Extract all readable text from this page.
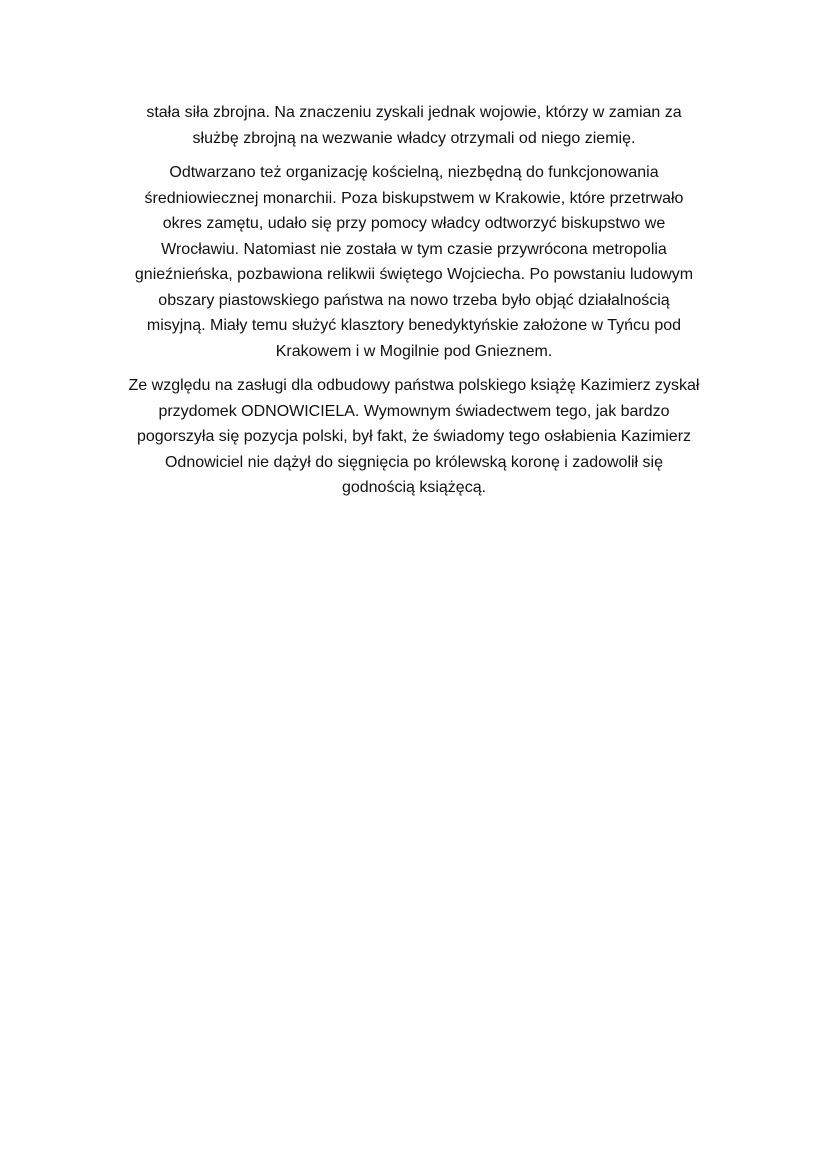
stała siła zbrojna. Na znaczeniu zyskali jednak wojowie, którzy w zamian za
służbę zbrojną na wezwanie władcy otrzymali od niego ziemię.

Odtwarzano też organizację kościelną, niezbędną do funkcjonowania
średniowiecznej monarchii. Poza biskupstwem w Krakowie, które przetrwało
okres zamętu, udało się przy pomocy władcy odtworzyć biskupstwo we
Wrocławiu. Natomiast nie została w tym czasie przywrócona metropolia
gnieźnieńska, pozbawiona relikwii świętego Wojciecha. Po powstaniu ludowym
obszary piastowskiego państwa na nowo trzeba było objąć działalnością
misyjną. Miały temu służyć klasztory benedyktyńskie założone w Tyńcu pod
Krakowem i w Mogilnie pod Gnieznem.

Ze względu na zasługi dla odbudowy państwa polskiego książę Kazimierz zyskał
przydomek ODNOWICIELA. Wymownym świadectwem tego, jak bardzo
pogorszyła się pozycja polski, był fakt, że świadomy tego osłabienia Kazimierz
Odnowiciel nie dążył do sięgnięcia po królewską koronę i zadowolił się
godnością książęcą.
